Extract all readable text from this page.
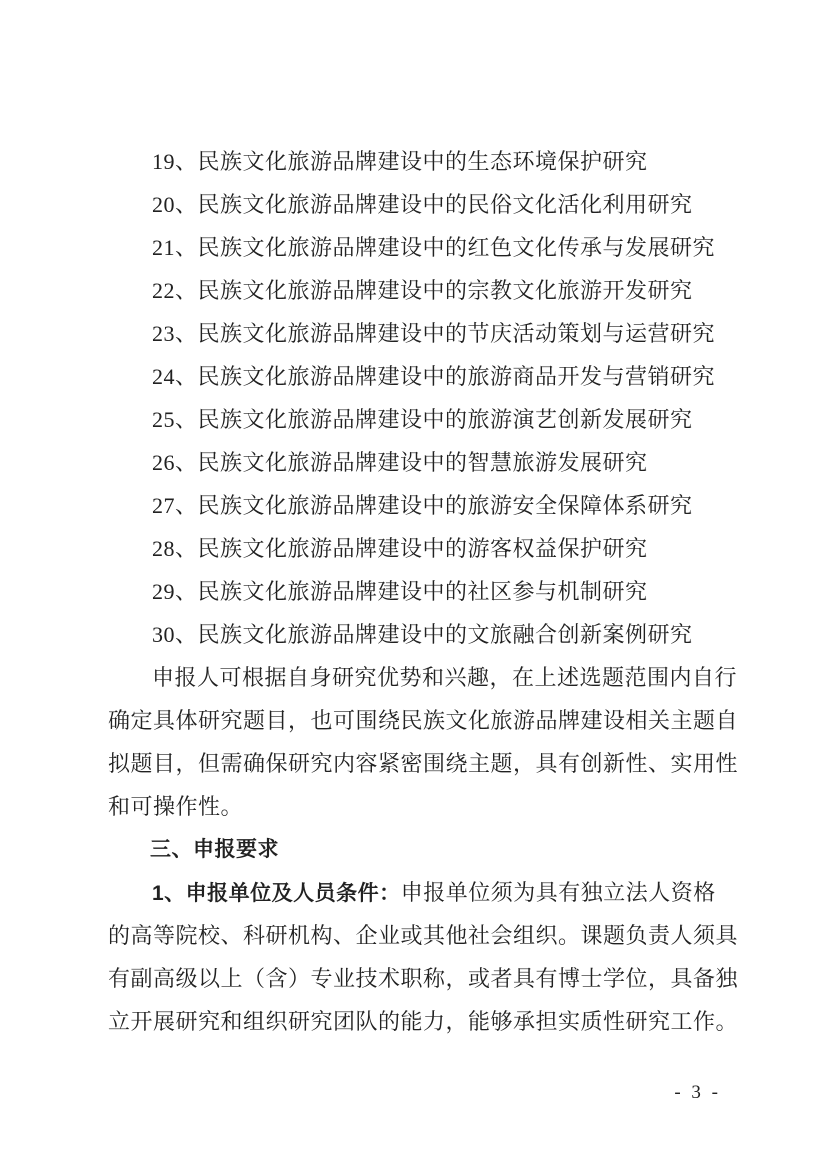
19、民族文化旅游品牌建设中的生态环境保护研究
20、民族文化旅游品牌建设中的民俗文化活化利用研究
21、民族文化旅游品牌建设中的红色文化传承与发展研究
22、民族文化旅游品牌建设中的宗教文化旅游开发研究
23、民族文化旅游品牌建设中的节庆活动策划与运营研究
24、民族文化旅游品牌建设中的旅游商品开发与营销研究
25、民族文化旅游品牌建设中的旅游演艺创新发展研究
26、民族文化旅游品牌建设中的智慧旅游发展研究
27、民族文化旅游品牌建设中的旅游安全保障体系研究
28、民族文化旅游品牌建设中的游客权益保护研究
29、民族文化旅游品牌建设中的社区参与机制研究
30、民族文化旅游品牌建设中的文旅融合创新案例研究
申报人可根据自身研究优势和兴趣，在上述选题范围内自行
确定具体研究题目，也可围绕民族文化旅游品牌建设相关主题自
拟题目，但需确保研究内容紧密围绕主题，具有创新性、实用性
和可操作性。
三、申报要求
1、申报单位及人员条件：申报单位须为具有独立法人资格
的高等院校、科研机构、企业或其他社会组织。课题负责人须具
有副高级以上（含）专业技术职称，或者具有博士学位，具备独
立开展研究和组织研究团队的能力，能够承担实质性研究工作。
- 3 -
